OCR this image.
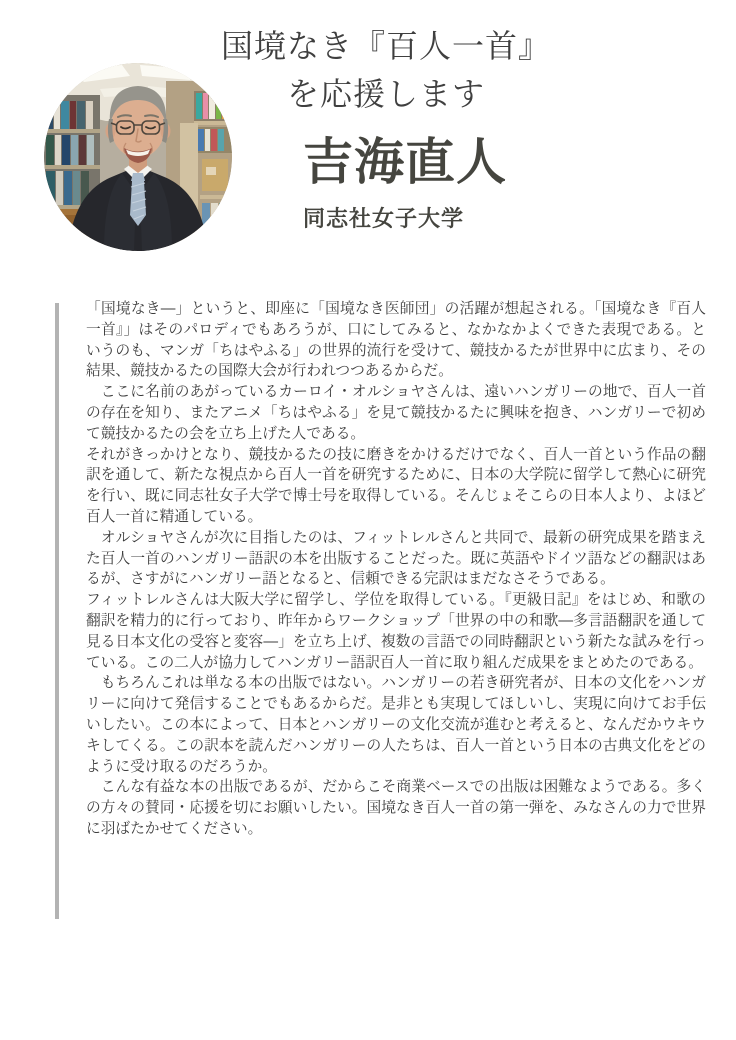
国境なき『百人一首』
を応援します
吉海直人
同志社女子大学

「国境なき―」というと、即座に「国境なき医師団」の活躍が想起される。「国境なき『百人一首』」はそのパロディでもあろうが、口にしてみると、なかなかよくできた表現である。というのも、マンガ「ちはやふる」の世界的流行を受けて、競技かるたが世界中に広まり、その結果、競技かるたの国際大会が行われつつあるからだ。

　ここに名前のあがっているカーロイ・オルショヤさんは、遠いハンガリーの地で、百人一首の存在を知り、またアニメ「ちはやふる」を見て競技かるたに興味を抱き、ハンガリーで初めて競技かるたの会を立ち上げた人である。

それがきっかけとなり、競技かるたの技に磨きをかけるだけでなく、百人一首という作品の翻訳を通して、新たな視点から百人一首を研究するために、日本の大学院に留学して熱心に研究を行い、既に同志社女子大学で博士号を取得している。そんじょそこらの日本人より、よほど百人一首に精通している。

　オルショヤさんが次に目指したのは、フィットレルさんと共同で、最新の研究成果を踏まえた百人一首のハンガリー語訳の本を出版することだった。既に英語やドイツ語などの翻訳はあるが、さすがにハンガリー語となると、信頼できる完訳はまだなさそうである。

フィットレルさんは大阪大学に留学し、学位を取得している。『更級日記』をはじめ、和歌の翻訳を精力的に行っており、昨年からワークショップ「世界の中の和歌―多言語翻訳を通して見る日本文化の受容と変容―」を立ち上げ、複数の言語での同時翻訳という新たな試みを行っている。この二人が協力してハンガリー語訳百人一首に取り組んだ成果をまとめたのである。

　もちろんこれは単なる本の出版ではない。ハンガリーの若き研究者が、日本の文化をハンガリーに向けて発信することでもあるからだ。是非とも実現してほしいし、実現に向けてお手伝いしたい。この本によって、日本とハンガリーの文化交流が進むと考えると、なんだかウキウキしてくる。この訳本を読んだハンガリーの人たちは、百人一首という日本の古典文化をどのように受け取るのだろうか。

　こんな有益な本の出版であるが、だからこそ商業ベースでの出版は困難なようである。多くの方々の賛同・応援を切にお願いしたい。国境なき百人一首の第一弾を、みなさんの力で世界に羽ばたかせてください。
